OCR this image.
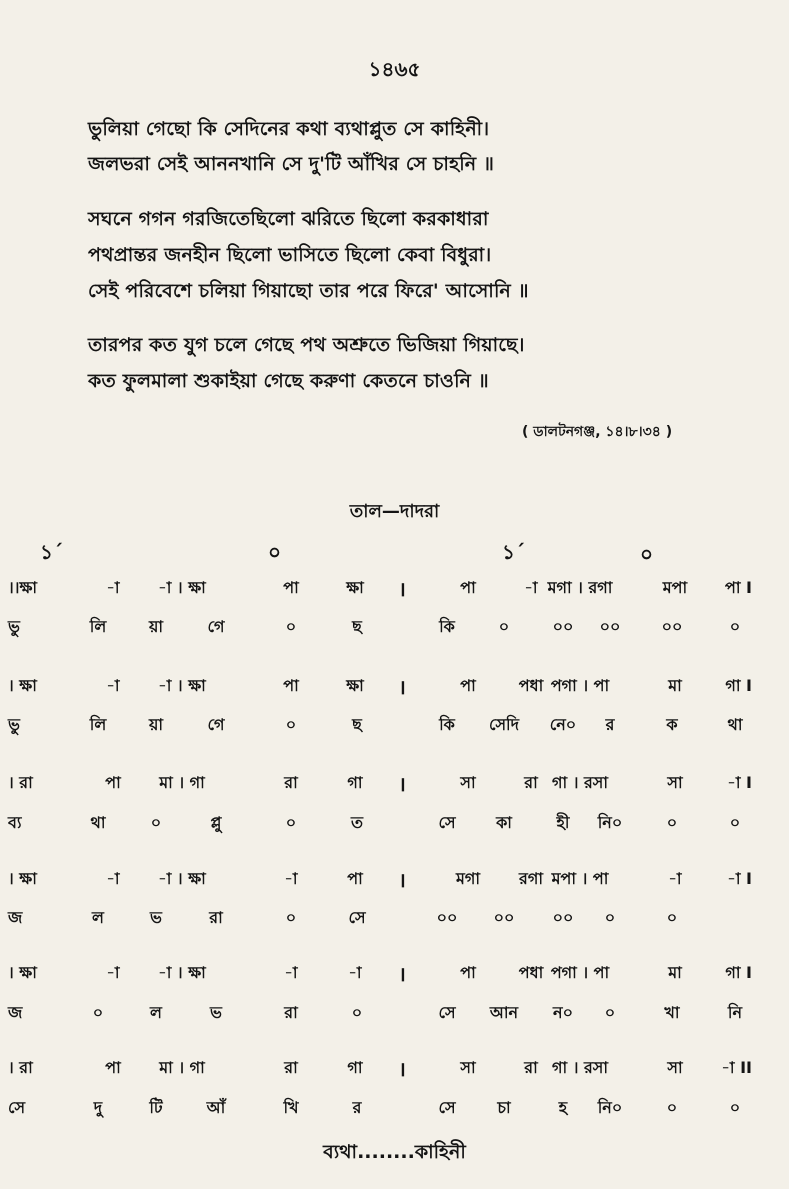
১৪৬৫
ভুলিয়া গেছো কি সেদিনের কথা ব্যথাপ্লুত সে কাহিনী।
জলভরা সেই আননখানি সে দু'টি আঁখির সে চাহনি ॥
সঘনে গগন গরজিতেছিলো ঝরিতে ছিলো করকাধারা
পথপ্রান্তর জনহীন ছিলো ভাসিতে ছিলো কেবা বিধুরা।
সেই পরিবেশে চলিয়া গিয়াছো তার পরে ফিরে' আসোনি ॥
তারপর কত যুগ চলে গেছে পথ অশ্রুতে ভিজিয়া গিয়াছে।
কত ফুলমালা শুকাইয়া গেছে করুণা কেতনে চাওনি ॥
( ডালটনগঞ্জ, ১৪।৮।৩৪ )
তাল—দাদরা
১´	০	১´	০
।।ক্ষা	-া	-া । ক্ষা	পা	ক্ষা	।	পা	-া মগা । রগা	মপা	পা I
ভু	লি	য়া	গে	০	ছ	কি	০	০০	০০	০০	০
। ক্ষা	-া	-া । ক্ষা	পা	ক্ষা	।	পা	পধা পগা । পা	মা	গা I
ভু	লি	য়া	গে	০	ছ	কি	সেদি	নে০	র	ক	থা
। রা	পা	মা । গা	রা	গা	।	সা	রা গা । রসা	সা	-া I
ব্য	থা	০	প্লু	০	ত	সে	কা	হী	নি০	০	০
। ক্ষা	-া	-া । ক্ষা	-া	পা	।	মগা	রগা মপা । পা	-া	-া I
জ	ল	ভ	রা	০	সে	০০	০০	০০	০	০
। ক্ষা	-া	-া । ক্ষা	-া	-া	।	পা	পধা পগা । পা	মা	গা I
জ	০	ল	ভ	রা	০	সে	আন	ন০	০	খা	নি
। রা	পা	মা । গা	রা	গা	।	সা	রা গা । রসা	সা	-া II
সে	দু	টি	আঁ	খি	র	সে	চা	হ	নি০	০	০
ব্যথা........কাহিনী
